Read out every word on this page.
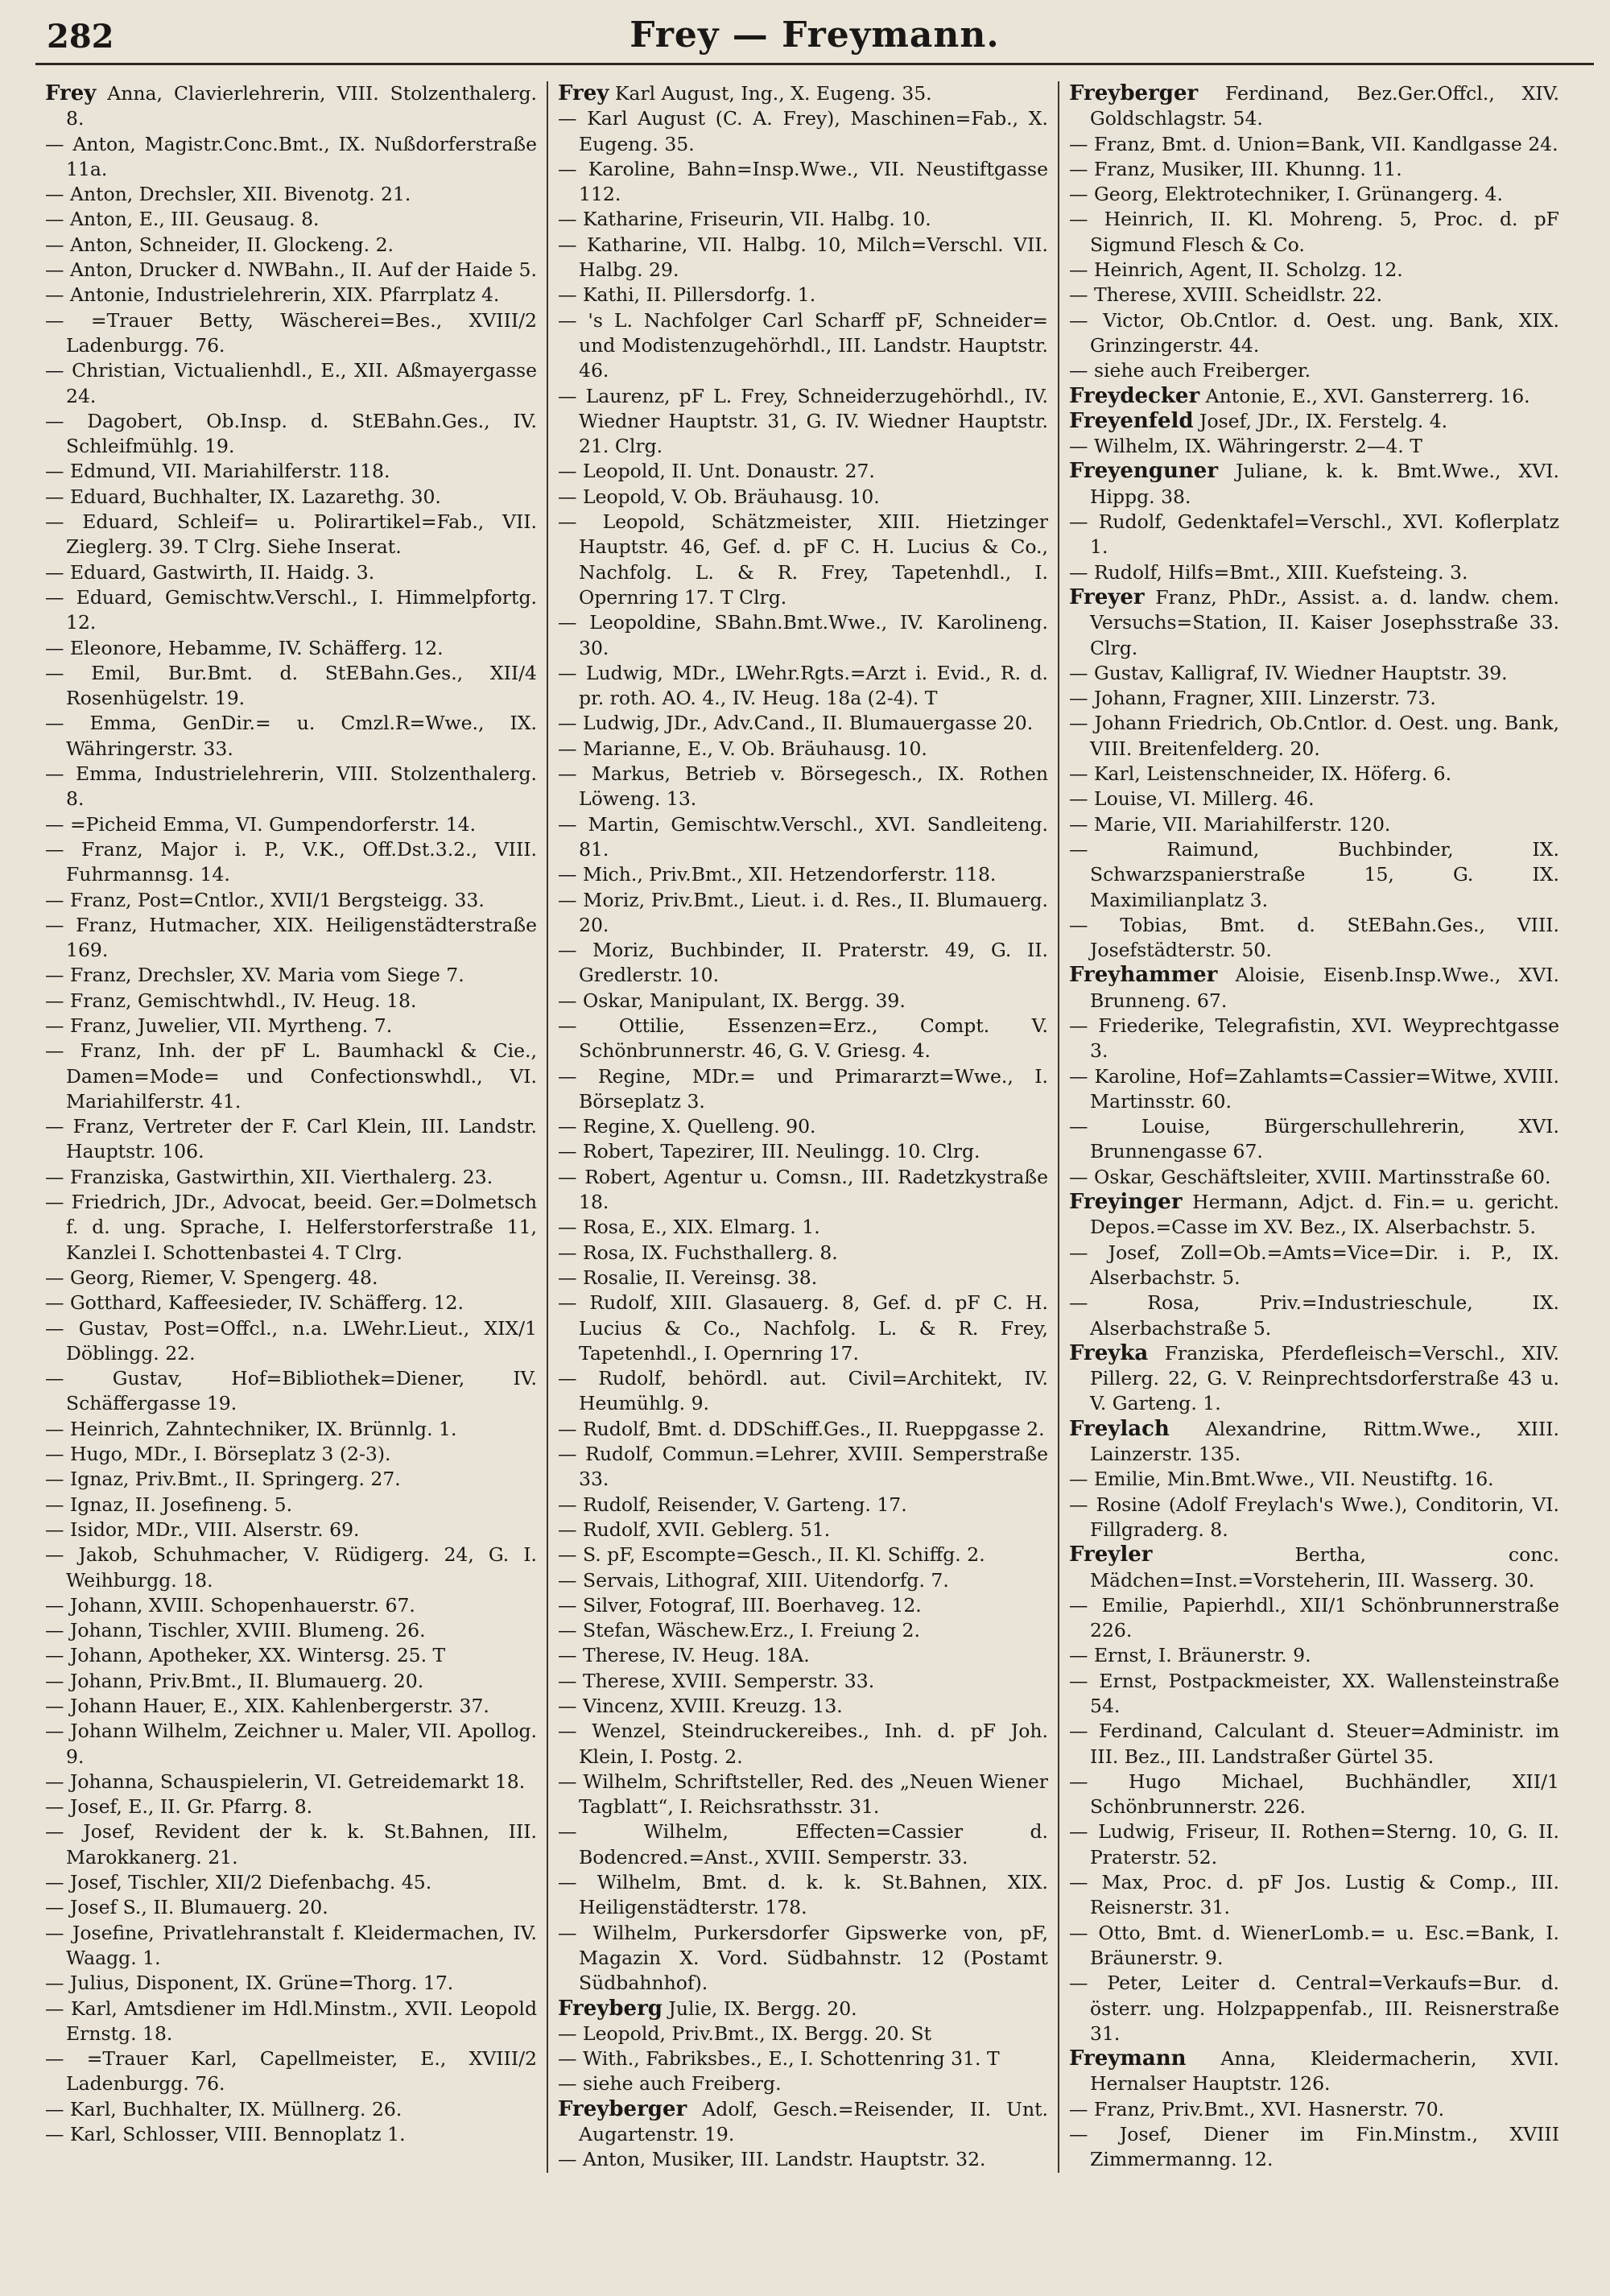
282	Frey — Freymann.
Frey Anna, Clavierlehrerin, VIII. Stolzenthalerg. 8.
— Anton, Magistr.Conc.Bmt., IX. Nußdorferstraße 11a.
— Anton, Drechsler, XII. Bivenotg. 21.
— Anton, E., III. Geusaug. 8.
— Anton, Schneider, II. Glockeng. 2.
— Anton, Drucker d. NWBahn., II. Auf der Haide 5.
— Antonie, Industrielehrerin, XIX. Pfarrplatz 4.
— =Trauer Betty, Wäscherei=Bes., XVIII/2 Ladenburgg. 76.
— Christian, Victualienhdl., E., XII. Aßmayergasse 24.
— Dagobert, Ob.Insp. d. StEBahn.Ges., IV. Schleifmühlg. 19.
— Edmund, VII. Mariahilferstr. 118.
— Eduard, Buchhalter, IX. Lazarethg. 30.
— Eduard, Schleif= u. Polirartikel=Fab., VII. Zieglerg. 39. T Clrg. Siehe Inserat.
— Eduard, Gastwirth, II. Haidg. 3.
— Eduard, Gemischtw.Verschl., I. Himmelpfortg. 12.
— Eleonore, Hebamme, IV. Schäfferg. 12.
— Emil, Bur.Bmt. d. StEBahn.Ges., XII/4 Rosenhügelstr. 19.
— Emma, GenDir.= u. Cmzl.R=Wwe., IX. Währingerstr. 33.
— Emma, Industrielehrerin, VIII. Stolzenthalerg. 8.
— =Picheid Emma, VI. Gumpendorferstr. 14.
— Franz, Major i. P., V.K., Off.Dst.3.2., VIII. Fuhrmannsg. 14.
— Franz, Post=Cntlor., XVII/1 Bergsteigg. 33.
— Franz, Hutmacher, XIX. Heiligenstädterstraße 169.
— Franz, Drechsler, XV. Maria vom Siege 7.
— Franz, Gemischtwhdl., IV. Heug. 18.
— Franz, Juwelier, VII. Myrtheng. 7.
— Franz, Inh. der pF L. Baumhackl & Cie., Damen=Mode= und Confectionswhdl., VI. Mariahilferstr. 41.
— Franz, Vertreter der F. Carl Klein, III. Landstr. Hauptstr. 106.
— Franziska, Gastwirthin, XII. Vierthalerg. 23.
— Friedrich, JDr., Advocat, beeid. Ger.=Dolmetsch f. d. ung. Sprache, I. Helferstorferstraße 11, Kanzlei I. Schottenbastei 4. T Clrg.
— Georg, Riemer, V. Spengerg. 48.
— Gotthard, Kaffeesieder, IV. Schäfferg. 12.
— Gustav, Post=Offcl., n.a. LWehr.Lieut., XIX/1 Döblingg. 22.
— Gustav, Hof=Bibliothek=Diener, IV. Schäffergasse 19.
— Heinrich, Zahntechniker, IX. Brünnlg. 1.
— Hugo, MDr., I. Börseplatz 3 (2-3).
— Ignaz, Priv.Bmt., II. Springerg. 27.
— Ignaz, II. Josefineng. 5.
— Isidor, MDr., VIII. Alserstr. 69.
— Jakob, Schuhmacher, V. Rüdigerg. 24, G. I. Weihburgg. 18.
— Johann, XVIII. Schopenhauerstr. 67.
— Johann, Tischler, XVIII. Blumeng. 26.
— Johann, Apotheker, XX. Wintersg. 25. T
— Johann, Priv.Bmt., II. Blumauerg. 20.
— Johann Hauer, E., XIX. Kahlenbergerstr. 37.
— Johann Wilhelm, Zeichner u. Maler, VII. Apollog. 9.
— Johanna, Schauspielerin, VI. Getreidemarkt 18.
— Josef, E., II. Gr. Pfarrg. 8.
— Josef, Revident der k. k. St.Bahnen, III. Marokkanerg. 21.
— Josef, Tischler, XII/2 Diefenbachg. 45.
— Josef S., II. Blumauerg. 20.
— Josefine, Privatlehranstalt f. Kleidermachen, IV. Waagg. 1.
— Julius, Disponent, IX. Grüne=Thorg. 17.
— Karl, Amtsdiener im Hdl.Minstm., XVII. Leopold Ernstg. 18.
— =Trauer Karl, Capellmeister, E., XVIII/2 Ladenburgg. 76.
— Karl, Buchhalter, IX. Müllnerg. 26.
— Karl, Schlosser, VIII. Bennoplatz 1.
Frey Karl August, Ing., X. Eugeng. 35.
— Karl August (C. A. Frey), Maschinen=Fab., X. Eugeng. 35.
— Karoline, Bahn=Insp.Wwe., VII. Neustiftgasse 112.
— Katharine, Friseurin, VII. Halbg. 10.
— Katharine, VII. Halbg. 10, Milch=Verschl. VII. Halbg. 29.
— Kathi, II. Pillersdorfg. 1.
— 's L. Nachfolger Carl Scharff pF, Schneider= und Modistenzugehörhdl., III. Landstr. Hauptstr. 46.
— Laurenz, pF L. Frey, Schneiderzugehörhdl., IV. Wiedner Hauptstr. 31, G. IV. Wiedner Hauptstr. 21. Clrg.
— Leopold, II. Unt. Donaustr. 27.
— Leopold, V. Ob. Bräuhausg. 10.
— Leopold, Schätzmeister, XIII. Hietzinger Hauptstr. 46, Gef. d. pF C. H. Lucius & Co., Nachfolg. L. & R. Frey, Tapetenhdl., I. Opernring 17. T Clrg.
— Leopoldine, SBahn.Bmt.Wwe., IV. Karolineng. 30.
— Ludwig, MDr., LWehr.Rgts.=Arzt i. Evid., R. d. pr. roth. AO. 4., IV. Heug. 18a (2-4). T
— Ludwig, JDr., Adv.Cand., II. Blumauergasse 20.
— Marianne, E., V. Ob. Bräuhausg. 10.
— Markus, Betrieb v. Börsegesch., IX. Rothen Löweng. 13.
— Martin, Gemischtw.Verschl., XVI. Sandleiteng. 81.
— Mich., Priv.Bmt., XII. Hetzendorferstr. 118.
— Moriz, Priv.Bmt., Lieut. i. d. Res., II. Blumauerg. 20.
— Moriz, Buchbinder, II. Praterstr. 49, G. II. Gredlerstr. 10.
— Oskar, Manipulant, IX. Bergg. 39.
— Ottilie, Essenzen=Erz., Compt. V. Schönbrunnerstr. 46, G. V. Griesg. 4.
— Regine, MDr.= und Primararzt=Wwe., I. Börseplatz 3.
— Regine, X. Quelleng. 90.
— Robert, Tapezirer, III. Neulingg. 10. Clrg.
— Robert, Agentur u. Comsn., III. Radetzkystraße 18.
— Rosa, E., XIX. Elmarg. 1.
— Rosa, IX. Fuchsthallerg. 8.
— Rosalie, II. Vereinsg. 38.
— Rudolf, XIII. Glasauerg. 8, Gef. d. pF C. H. Lucius & Co., Nachfolg. L. & R. Frey, Tapetenhdl., I. Opernring 17.
— Rudolf, behördl. aut. Civil=Architekt, IV. Heumühlg. 9.
— Rudolf, Bmt. d. DDSchiff.Ges., II. Rueppgasse 2.
— Rudolf, Commun.=Lehrer, XVIII. Semperstraße 33.
— Rudolf, Reisender, V. Garteng. 17.
— Rudolf, XVII. Geblerg. 51.
— S. pF, Escompte=Gesch., II. Kl. Schiffg. 2.
— Servais, Lithograf, XIII. Uitendorfg. 7.
— Silver, Fotograf, III. Boerhaveg. 12.
— Stefan, Wäschew.Erz., I. Freiung 2.
— Therese, IV. Heug. 18A.
— Therese, XVIII. Semperstr. 33.
— Vincenz, XVIII. Kreuzg. 13.
— Wenzel, Steindruckereibes., Inh. d. pF Joh. Klein, I. Postg. 2.
— Wilhelm, Schriftsteller, Red. des „Neuen Wiener Tagblatt“, I. Reichsrathsstr. 31.
— Wilhelm, Effecten=Cassier d. Bodencred.=Anst., XVIII. Semperstr. 33.
— Wilhelm, Bmt. d. k. k. St.Bahnen, XIX. Heiligenstädterstr. 178.
— Wilhelm, Purkersdorfer Gipswerke von, pF, Magazin X. Vord. Südbahnstr. 12 (Postamt Südbahnhof).
Freyberg Julie, IX. Bergg. 20.
— Leopold, Priv.Bmt., IX. Bergg. 20. St
— With., Fabriksbes., E., I. Schottenring 31. T
— siehe auch Freiberg.
Freyberger Adolf, Gesch.=Reisender, II. Unt. Augartenstr. 19.
— Anton, Musiker, III. Landstr. Hauptstr. 32.
Freyberger Ferdinand, Bez.Ger.Offcl., XIV. Goldschlagstr. 54.
— Franz, Bmt. d. Union=Bank, VII. Kandlgasse 24.
— Franz, Musiker, III. Khunng. 11.
— Georg, Elektrotechniker, I. Grünangerg. 4.
— Heinrich, II. Kl. Mohreng. 5, Proc. d. pF Sigmund Flesch & Co.
— Heinrich, Agent, II. Scholzg. 12.
— Therese, XVIII. Scheidlstr. 22.
— Victor, Ob.Cntlor. d. Oest. ung. Bank, XIX. Grinzingerstr. 44.
— siehe auch Freiberger.
Freydecker Antonie, E., XVI. Gansterrerg. 16.
Freyenfeld Josef, JDr., IX. Ferstelg. 4.
— Wilhelm, IX. Währingerstr. 2—4. T
Freyenguner Juliane, k. k. Bmt.Wwe., XVI. Hippg. 38.
— Rudolf, Gedenktafel=Verschl., XVI. Koflerplatz 1.
— Rudolf, Hilfs=Bmt., XIII. Kuefsteing. 3.
Freyer Franz, PhDr., Assist. a. d. landw. chem. Versuchs=Station, II. Kaiser Josephsstraße 33. Clrg.
— Gustav, Kalligraf, IV. Wiedner Hauptstr. 39.
— Johann, Fragner, XIII. Linzerstr. 73.
— Johann Friedrich, Ob.Cntlor. d. Oest. ung. Bank, VIII. Breitenfelderg. 20.
— Karl, Leistenschneider, IX. Höferg. 6.
— Louise, VI. Millerg. 46.
— Marie, VII. Mariahilferstr. 120.
— Raimund, Buchbinder, IX. Schwarzspanierstraße 15, G. IX. Maximilianplatz 3.
— Tobias, Bmt. d. StEBahn.Ges., VIII. Josefstädterstr. 50.
Freyhammer Aloisie, Eisenb.Insp.Wwe., XVI. Brunneng. 67.
— Friederike, Telegrafistin, XVI. Weyprechtgasse 3.
— Karoline, Hof=Zahlamts=Cassier=Witwe, XVIII. Martinsstr. 60.
— Louise, Bürgerschullehrerin, XVI. Brunnengasse 67.
— Oskar, Geschäftsleiter, XVIII. Martinsstraße 60.
Freyinger Hermann, Adjct. d. Fin.= u. gericht. Depos.=Casse im XV. Bez., IX. Alserbachstr. 5.
— Josef, Zoll=Ob.=Amts=Vice=Dir. i. P., IX. Alserbachstr. 5.
— Rosa, Priv.=Industrieschule, IX. Alserbachstraße 5.
Freyka Franziska, Pferdefleisch=Verschl., XIV. Pillerg. 22, G. V. Reinprechtsdorferstraße 43 u. V. Garteng. 1.
Freylach Alexandrine, Rittm.Wwe., XIII. Lainzerstr. 135.
— Emilie, Min.Bmt.Wwe., VII. Neustiftg. 16.
— Rosine (Adolf Freylach's Wwe.), Conditorin, VI. Fillgraderg. 8.
Freyler Bertha, conc. Mädchen=Inst.=Vorsteherin, III. Wasserg. 30.
— Emilie, Papierhdl., XII/1 Schönbrunnerstraße 226.
— Ernst, I. Bräunerstr. 9.
— Ernst, Postpackmeister, XX. Wallensteinstraße 54.
— Ferdinand, Calculant d. Steuer=Administr. im III. Bez., III. Landstraßer Gürtel 35.
— Hugo Michael, Buchhändler, XII/1 Schönbrunnerstr. 226.
— Ludwig, Friseur, II. Rothen=Sterng. 10, G. II. Praterstr. 52.
— Max, Proc. d. pF Jos. Lustig & Comp., III. Reisnerstr. 31.
— Otto, Bmt. d. WienerLomb.= u. Esc.=Bank, I. Bräunerstr. 9.
— Peter, Leiter d. Central=Verkaufs=Bur. d. österr. ung. Holzpappenfab., III. Reisnerstraße 31.
Freymann Anna, Kleidermacherin, XVII. Hernalser Hauptstr. 126.
— Franz, Priv.Bmt., XVI. Hasnerstr. 70.
— Josef, Diener im Fin.Minstm., XVIII Zimmermanng. 12.
